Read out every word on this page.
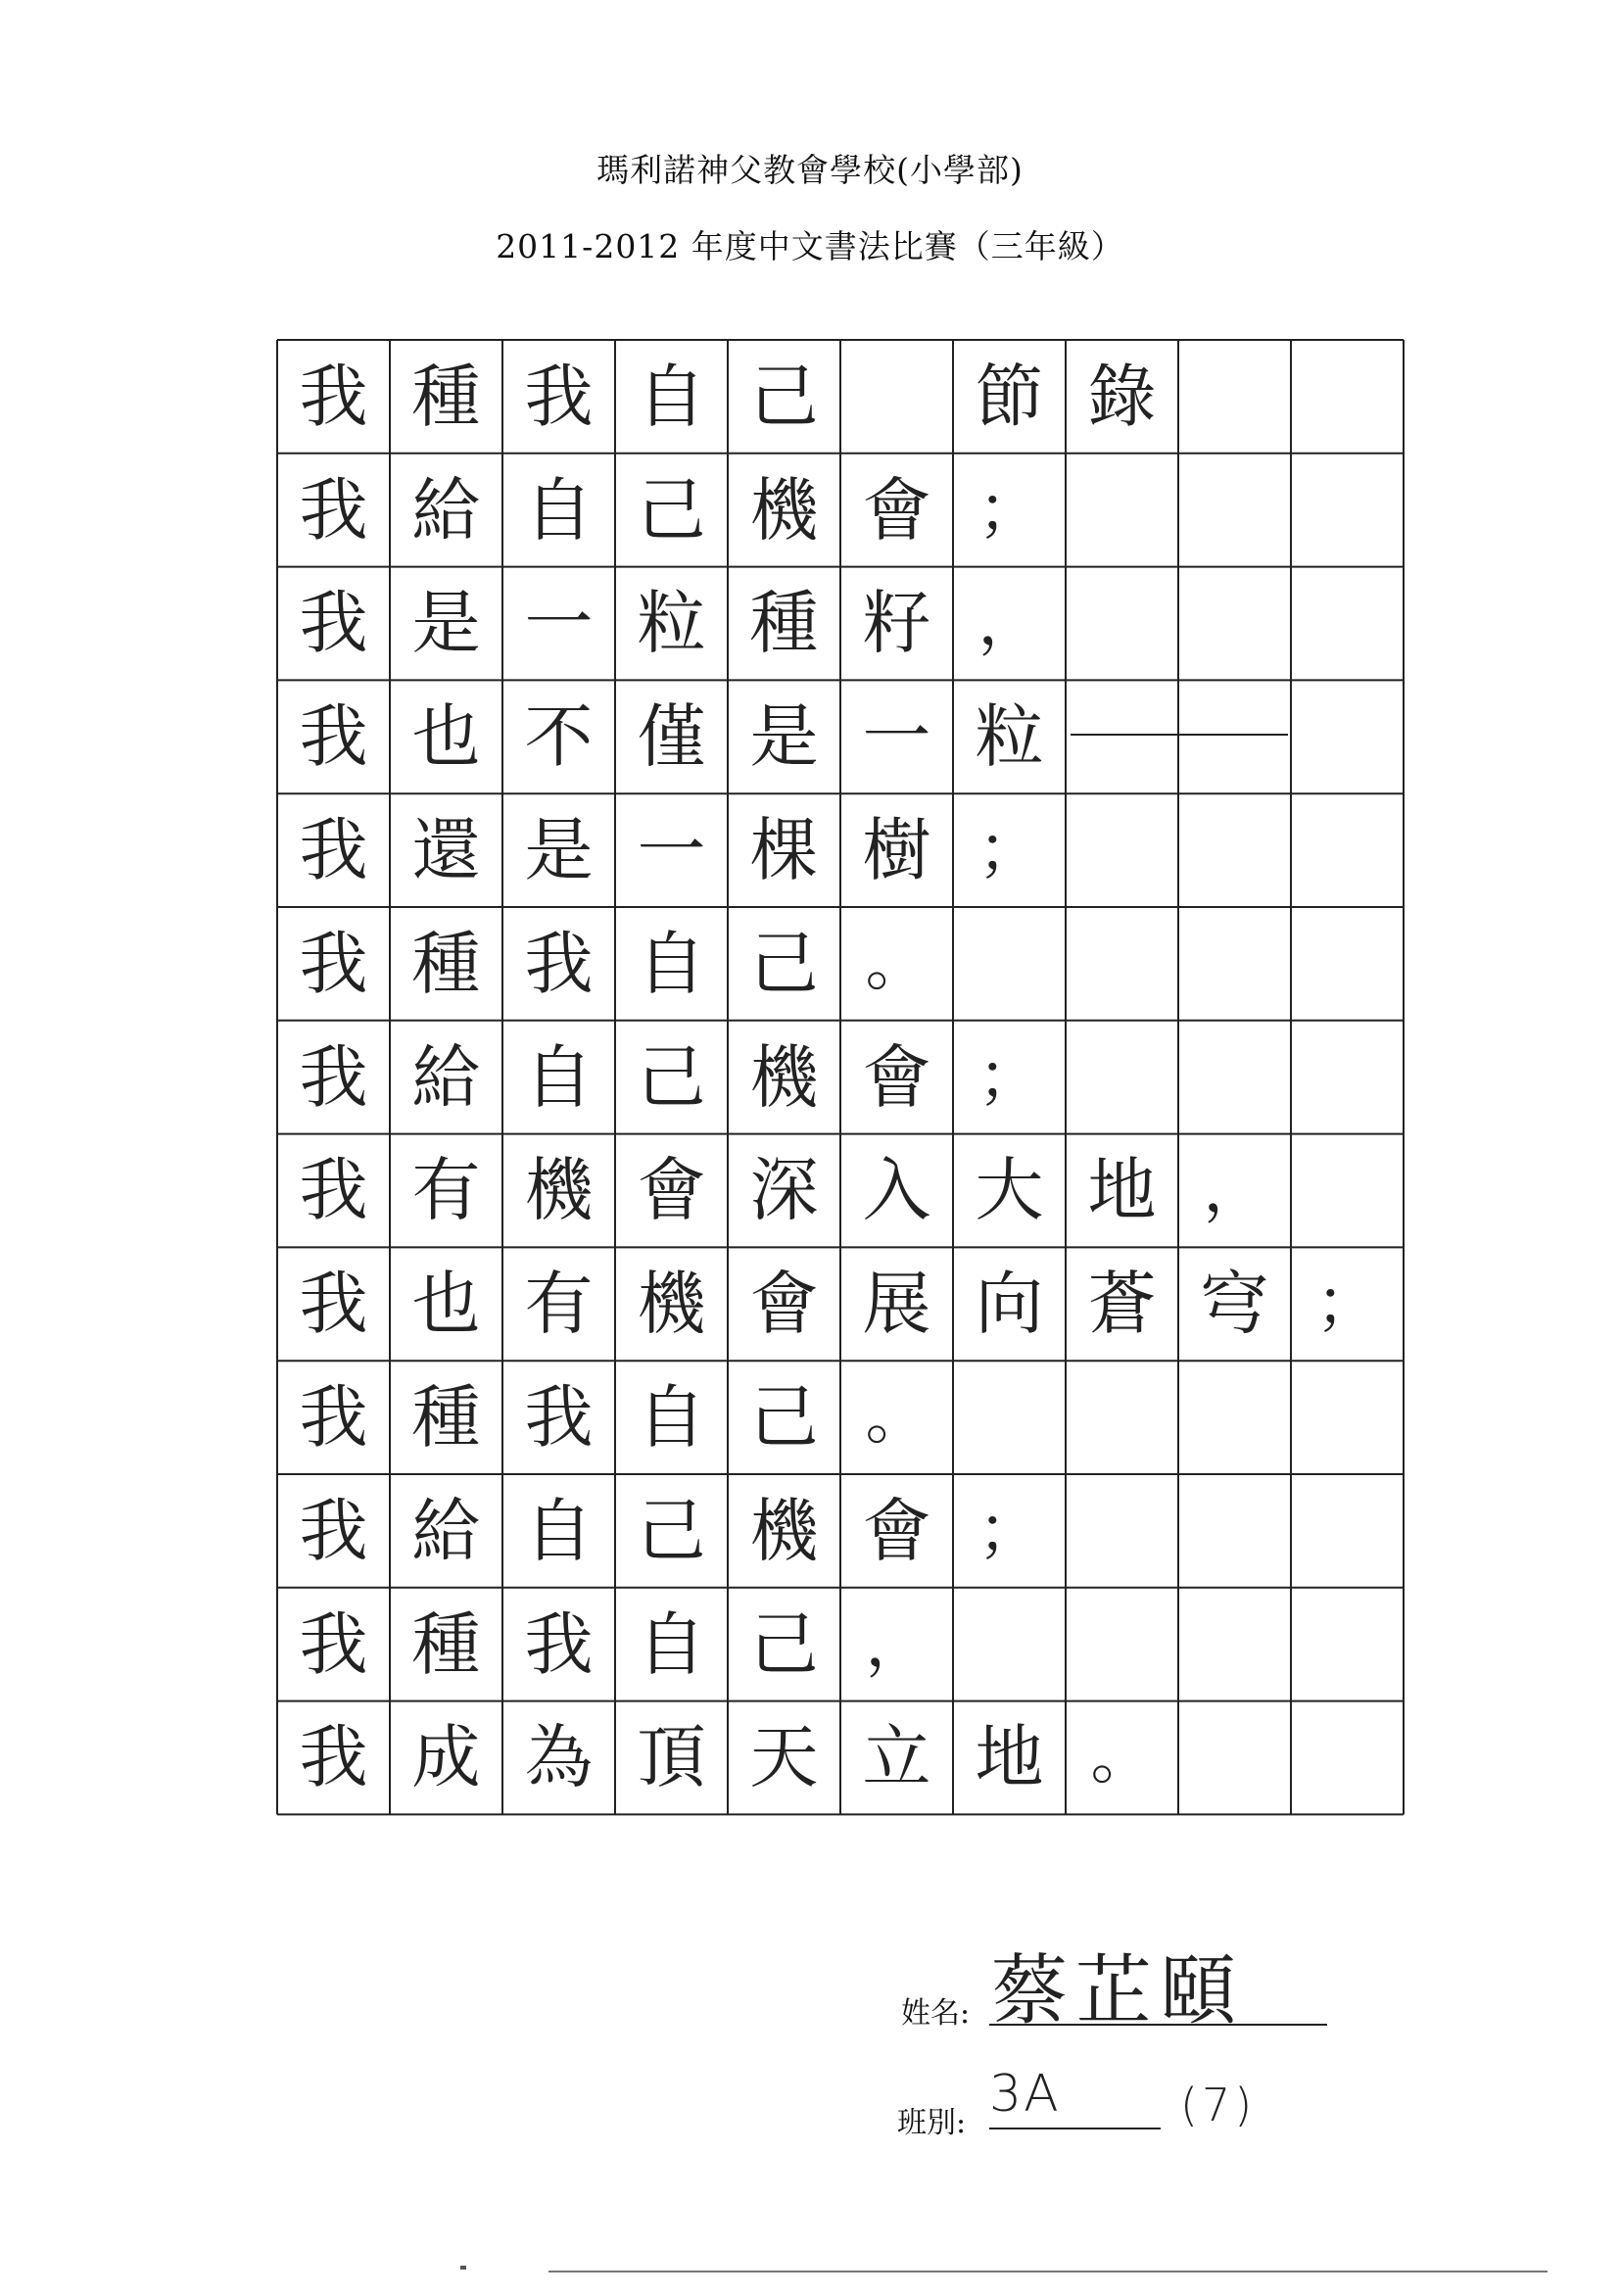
瑪利諾神父教會學校(小學部)
2011-2012 年度中文書法比賽（三年級）
我 種 我 自 己	節 錄
我 給 自 己 機 會 ；
我 是 一 粒 種 籽 ，
我 也 不 僅 是 一 粒
我 還 是 一 棵 樹 ；
我 種 我 自 己 。
我 給 自 己 機 會 ；
我 有 機 會 深 入 大 地 ，
我 也 有 機 會 展 向 蒼 穹 ；
我 種 我 自 己 。
我 給 自 己 機 會 ；
我 種 我 自 己 ，
我 成 為 頂 天 立 地 。
姓名: 蔡芷頤
班別: 3A	(7)
